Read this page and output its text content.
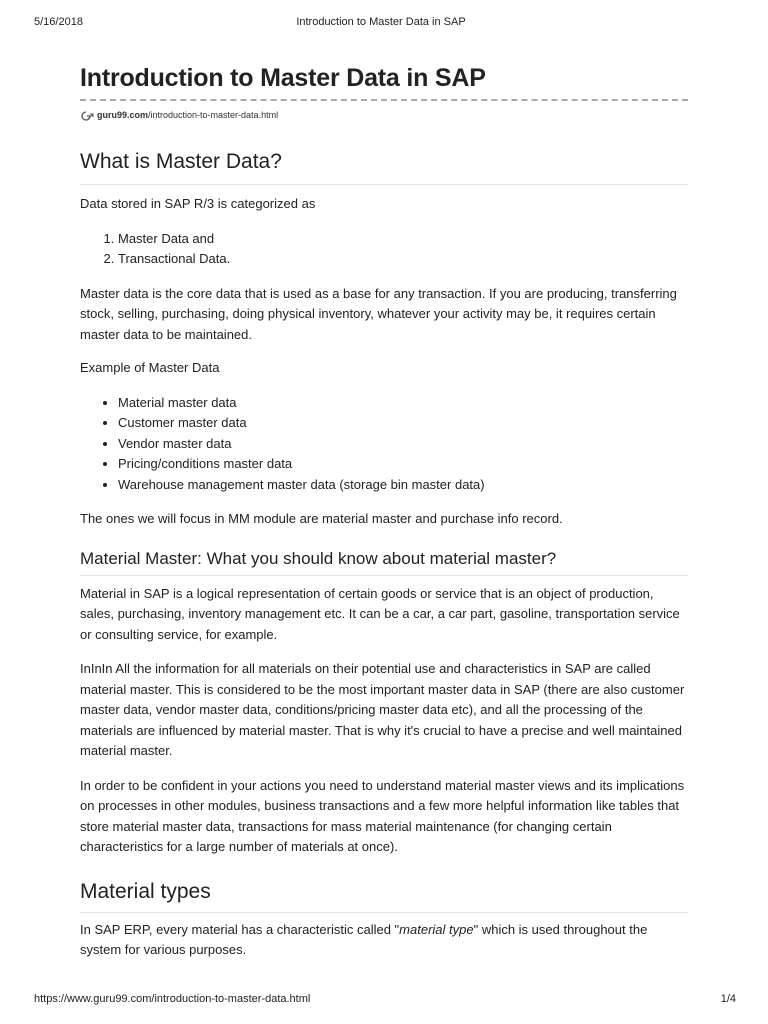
5/16/2018	Introduction to Master Data in SAP
Introduction to Master Data in SAP
guru99.com /introduction-to-master-data.html
What is Master Data?

Data stored in SAP R/3 is categorized as

1. Master Data and
2. Transactional Data.

Master data is the core data that is used as a base for any transaction. If you are producing, transferring stock, selling, purchasing, doing physical inventory, whatever your activity may be, it requires certain master data to be maintained.

Example of Master Data

• Material master data
• Customer master data
• Vendor master data
• Pricing/conditions master data
• Warehouse management master data (storage bin master data)

The ones we will focus in MM module are material master and purchase info record.

Material Master: What you should know about material master?

Material in SAP is a logical representation of certain goods or service that is an object of production, sales, purchasing, inventory management etc. It can be a car, a car part, gasoline, transportation service or consulting service, for example.

InInIn All the information for all materials on their potential use and characteristics in SAP are called material master. This is considered to be the most important master data in SAP (there are also customer master data, vendor master data, conditions/pricing master data etc), and all the processing of the materials are influenced by material master. That is why it's crucial to have a precise and well maintained material master.

In order to be confident in your actions you need to understand material master views and its implications on processes in other modules, business transactions and a few more helpful information like tables that store material master data, transactions for mass material maintenance (for changing certain characteristics for a large number of materials at once).

Material types

In SAP ERP, every material has a characteristic called "material type" which is used throughout the system for various purposes.

https://www.guru99.com/introduction-to-master-data.html	1/4
